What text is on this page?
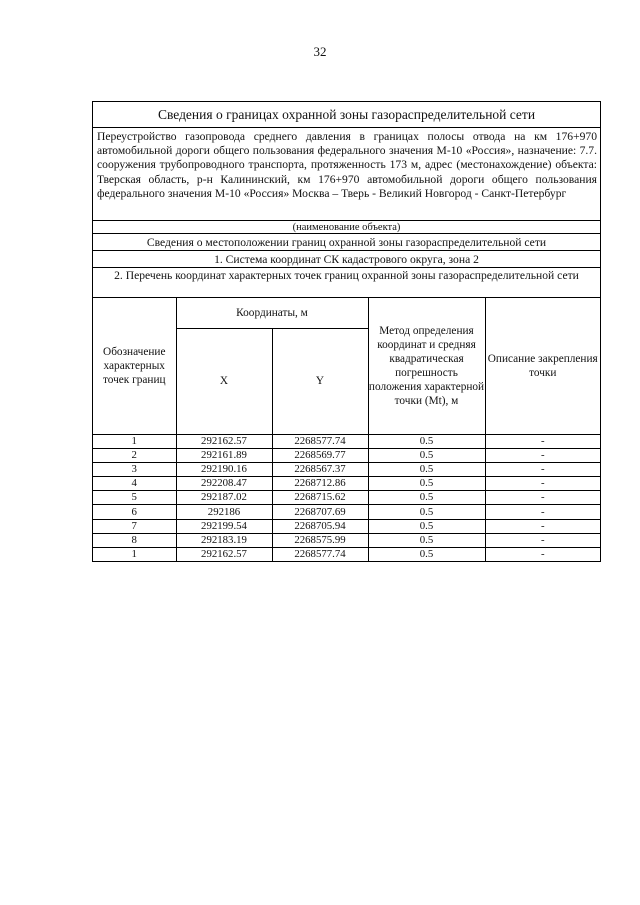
32
Сведения о границах охранной зоны газораспределительной сети
Переустройство газопровода среднего давления в границах полосы отвода на км 176+970 автомобильной дороги общего пользования федерального значения М-10 «Россия», назначение: 7.7. сооружения трубопроводного транспорта, протяженность 173 м, адрес (местонахождение) объекта: Тверская область, р-н Калининский, км 176+970 автомобильной дороги общего пользования федерального значения М-10 «Россия» Москва – Тверь - Великий Новгород - Санкт-Петербург
(наименование объекта)
Сведения о местоположении границ охранной зоны газораспределительной сети
1. Система координат СК кадастрового округа, зона 2
2. Перечень координат характерных точек границ охранной зоны газораспределительной сети
Обозначение характерных точек границ	Координаты, м		Метод определения координат и средняя квадратическая погрешность положения характерной точки (Mt), м	Описание закрепления точки
	X	Y		
1	292162.57	2268577.74	0.5	-
2	292161.89	2268569.77	0.5	-
3	292190.16	2268567.37	0.5	-
4	292208.47	2268712.86	0.5	-
5	292187.02	2268715.62	0.5	-
6	292186	2268707.69	0.5	-
7	292199.54	2268705.94	0.5	-
8	292183.19	2268575.99	0.5	-
1	292162.57	2268577.74	0.5	-
